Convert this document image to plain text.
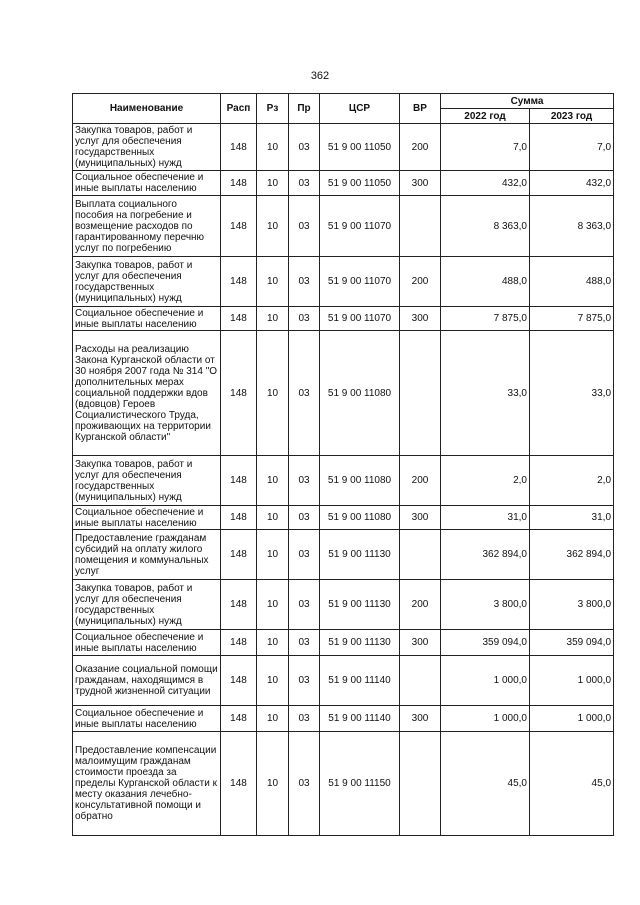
362
Наименование	Расп	Рз	Пр	ЦСР	ВР	Сумма	
						2022 год	2023 год
Закупка товаров, работ и услуг для обеспечения государственных (муниципальных) нужд	148	10	03	51 9 00 11050	200	7,0	7,0
Социальное обеспечение и иные выплаты населению	148	10	03	51 9 00 11050	300	432,0	432,0
Выплата социального пособия на погребение и возмещение расходов по гарантированному перечню услуг по погребению	148	10	03	51 9 00 11070		8 363,0	8 363,0
Закупка товаров, работ и услуг для обеспечения государственных (муниципальных) нужд	148	10	03	51 9 00 11070	200	488,0	488,0
Социальное обеспечение и иные выплаты населению	148	10	03	51 9 00 11070	300	7 875,0	7 875,0
Расходы на реализацию Закона Курганской области от 30 ноября 2007 года № 314 "О дополнительных мерах социальной поддержки вдов (вдовцов) Героев Социалистического Труда, проживающих на территории Курганской области"	148	10	03	51 9 00 11080		33,0	33,0
Закупка товаров, работ и услуг для обеспечения государственных (муниципальных) нужд	148	10	03	51 9 00 11080	200	2,0	2,0
Социальное обеспечение и иные выплаты населению	148	10	03	51 9 00 11080	300	31,0	31,0
Предоставление гражданам субсидий на оплату жилого помещения и коммунальных услуг	148	10	03	51 9 00 11130		362 894,0	362 894,0
Закупка товаров, работ и услуг для обеспечения государственных (муниципальных) нужд	148	10	03	51 9 00 11130	200	3 800,0	3 800,0
Социальное обеспечение и иные выплаты населению	148	10	03	51 9 00 11130	300	359 094,0	359 094,0
Оказание социальной помощи гражданам, находящимся в трудной жизненной ситуации	148	10	03	51 9 00 11140		1 000,0	1 000,0
Социальное обеспечение и иные выплаты населению	148	10	03	51 9 00 11140	300	1 000,0	1 000,0
Предоставление компенсации малоимущим гражданам стоимости проезда за пределы Курганской области к месту оказания лечебно-консультативной помощи и обратно	148	10	03	51 9 00 11150		45,0	45,0
